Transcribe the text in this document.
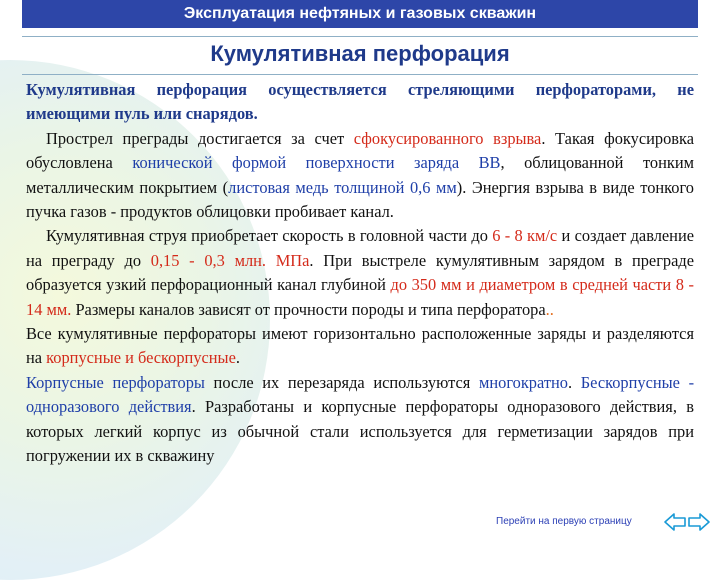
Эксплуатация нефтяных и газовых скважин
Кумулятивная перфорация

Кумулятивная перфорация осуществляется стреляющими перфораторами, не имеющими пуль или снарядов.

Прострел преграды достигается за счет сфокусированного взрыва. Такая фокусировка обусловлена конической формой поверхности заряда ВВ, облицованной тонким металлическим покрытием (листовая медь толщиной 0,6 мм). Энергия взрыва в виде тонкого пучка газов - продуктов облицовки пробивает канал.

Кумулятивная струя приобретает скорость в головной части до 6 - 8 км/с и создает давление на преграду до 0,15 - 0,3 млн. МПа. При выстреле кумулятивным зарядом в преграде образуется узкий перфорационный канал глубиной до 350 мм и диаметром в средней части 8 - 14 мм. Размеры каналов зависят от прочности породы и типа перфоратора..

Все кумулятивные перфораторы имеют горизонтально расположенные заряды и разделяются на корпусные и бескорпусные.

Корпусные перфораторы после их перезаряда используются многократно. Бескорпусные - одноразового действия. Разработаны и корпусные перфораторы одноразового действия, в которых легкий корпус из обычной стали используется для герметизации зарядов при погружении их в скважину

Перейти на первую страницу
